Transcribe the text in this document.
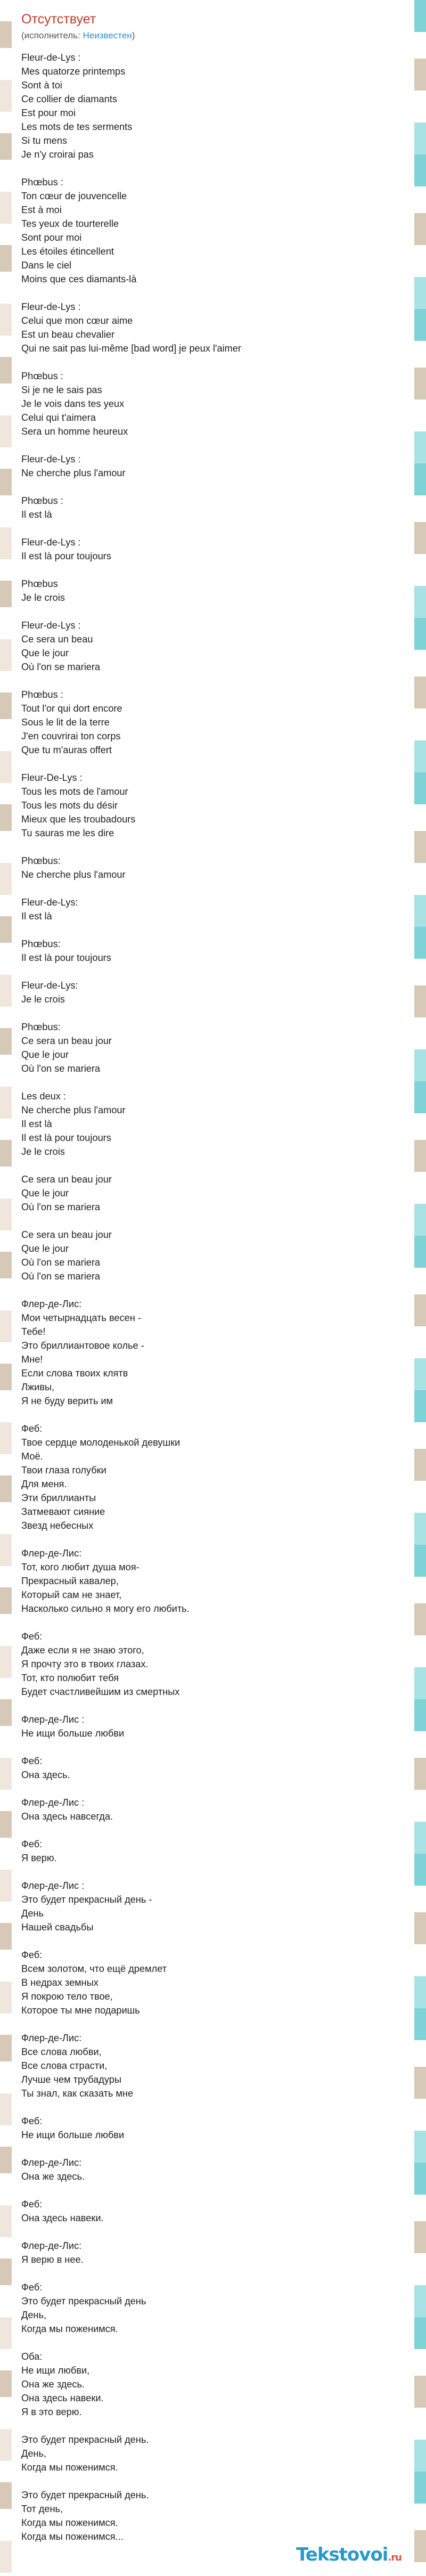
Отсутствует
(исполнитель: Неизвестен)
Fleur-de-Lys :
Mes quatorze printemps
Sont à toi
Ce collier de diamants
Est pour moi
Les mots de tes serments
Si tu mens
Je n'y croirai pas

Phœbus :
Ton cœur de jouvencelle
Est à moi
Tes yeux de tourterelle
Sont pour moi
Les étoiles étincellent
Dans le ciel
Moins que ces diamants-là

Fleur-de-Lys :
Celui que mon cœur aime
Est un beau chevalier
Qui ne sait pas lui-même [bad word] je peux l'aimer

Phœbus :
Si je ne le sais pas
Je le vois dans tes yeux
Celui qui t'aimera
Sera un homme heureux

Fleur-de-Lys :
Ne cherche plus l'amour

Phœbus :
Il est là

Fleur-de-Lys :
Il est là pour toujours

Phœbus
Je le crois

Fleur-de-Lys :
Ce sera un beau
Que le jour
Où l'on se mariera

Phœbus :
Tout l'or qui dort encore
Sous le lit de la terre
J'en couvrirai ton corps
Que tu m'auras offert

Fleur-De-Lys :
Tous les mots de l'amour
Tous les mots du désir
Mieux que les troubadours
Tu sauras me les dire

Phœbus:
Ne cherche plus l'amour

Fleur-de-Lys:
Il est là

Phœbus:
Il est là pour toujours

Fleur-de-Lys:
Je le crois

Phœbus:
Ce sera un beau jour
Que le jour
Où l'on se mariera

Les deux :
Ne cherche plus l'amour
Il est là
Il est là pour toujours
Je le crois

Ce sera un beau jour
Que le jour
Où l'on se mariera

Ce sera un beau jour
Que le jour
Où l'on se mariera
Où l'on se mariera

Флер-де-Лис:
Мои четырнадцать весен -
Тебе!
Это бриллиантовое колье -
Мне!
Если слова твоих клятв
Лживы,
Я не буду верить им

Феб:
Твое сердце молоденькой девушки
Моё.
Твои глаза голубки
Для меня.
Эти бриллианты
Затмевают сияние
Звезд небесных

Флер-де-Лис:
Тот, кого любит душа моя-
Прекрасный кавалер,
Который сам не знает,
Насколько сильно я могу его любить.

Феб:
Даже если я не знаю этого,
Я прочту это в твоих глазах.
Тот, кто полюбит тебя
Будет счастливейшим из смертных

Флер-де-Лис :
Не ищи больше любви

Феб:
Она здесь.

Флер-де-Лис :
Она здесь навсегда.

Феб:
Я верю.

Флер-де-Лис :
Это будет прекрасный день -
День
Нашей свадьбы

Феб:
Всем золотом, что ещё дремлет
В недрах земных
Я покрою тело твое,
Которое ты мне подаришь

Флер-де-Лис:
Все слова любви,
Все слова страсти,
Лучше чем трубадуры
Ты знал, как сказать мне

Феб:
Не ищи больше любви

Флер-де-Лис:
Она же здесь.

Феб:
Она здесь навеки.

Флер-де-Лис:
Я верю в нее.

Феб:
Это будет прекрасный день
День,
Когда мы поженимся.

Оба:
Не ищи любви,
Она же здесь.
Она здесь навеки.
Я в это верю.

Это будет прекрасный день.
День,
Когда мы поженимся.

Это будет прекрасный день.
Тот день,
Когда мы поженимся.
Когда мы поженимся...
Tekstovoi.ru
